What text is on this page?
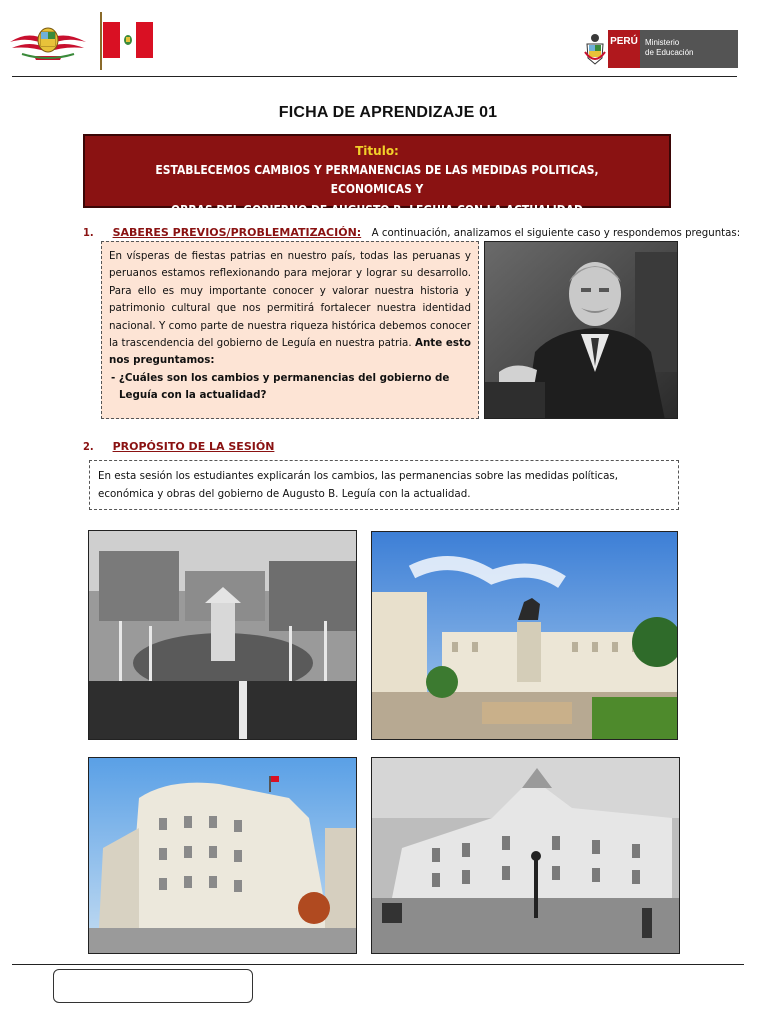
PERÚ Ministerio
de Educación
FICHA DE APRENDIZAJE 01
Titulo:
ESTABLECEMOS CAMBIOS Y PERMANENCIAS DE LAS MEDIDAS POLITICAS, ECONOMICAS Y
OBRAS DEL GOBIERNO DE AUGUSTO B. LEGUIA CON LA ACTUALIDAD
1. SABERES PREVIOS/PROBLEMATIZACIÓN: A continuación, analizamos el siguiente caso y respondemos preguntas:
En vísperas de fiestas patrias en nuestro país, todas las peruanas y peruanos estamos reflexionando para mejorar y lograr su desarrollo. Para ello es muy importante conocer y valorar nuestra historia y patrimonio cultural que nos permitirá fortalecer nuestra identidad nacional. Y como parte de nuestra riqueza histórica debemos conocer la trascendencia del gobierno de Leguía en nuestra patria. Ante esto nos preguntamos:
- ¿Cuáles son los cambios y permanencias del gobierno de Leguía con la actualidad?
2. PROPÓSITO DE LA SESIÓN
En esta sesión los estudiantes explicarán los cambios, las permanencias sobre las medidas políticas, económica y obras del gobierno de Augusto B. Leguía con la actualidad.
